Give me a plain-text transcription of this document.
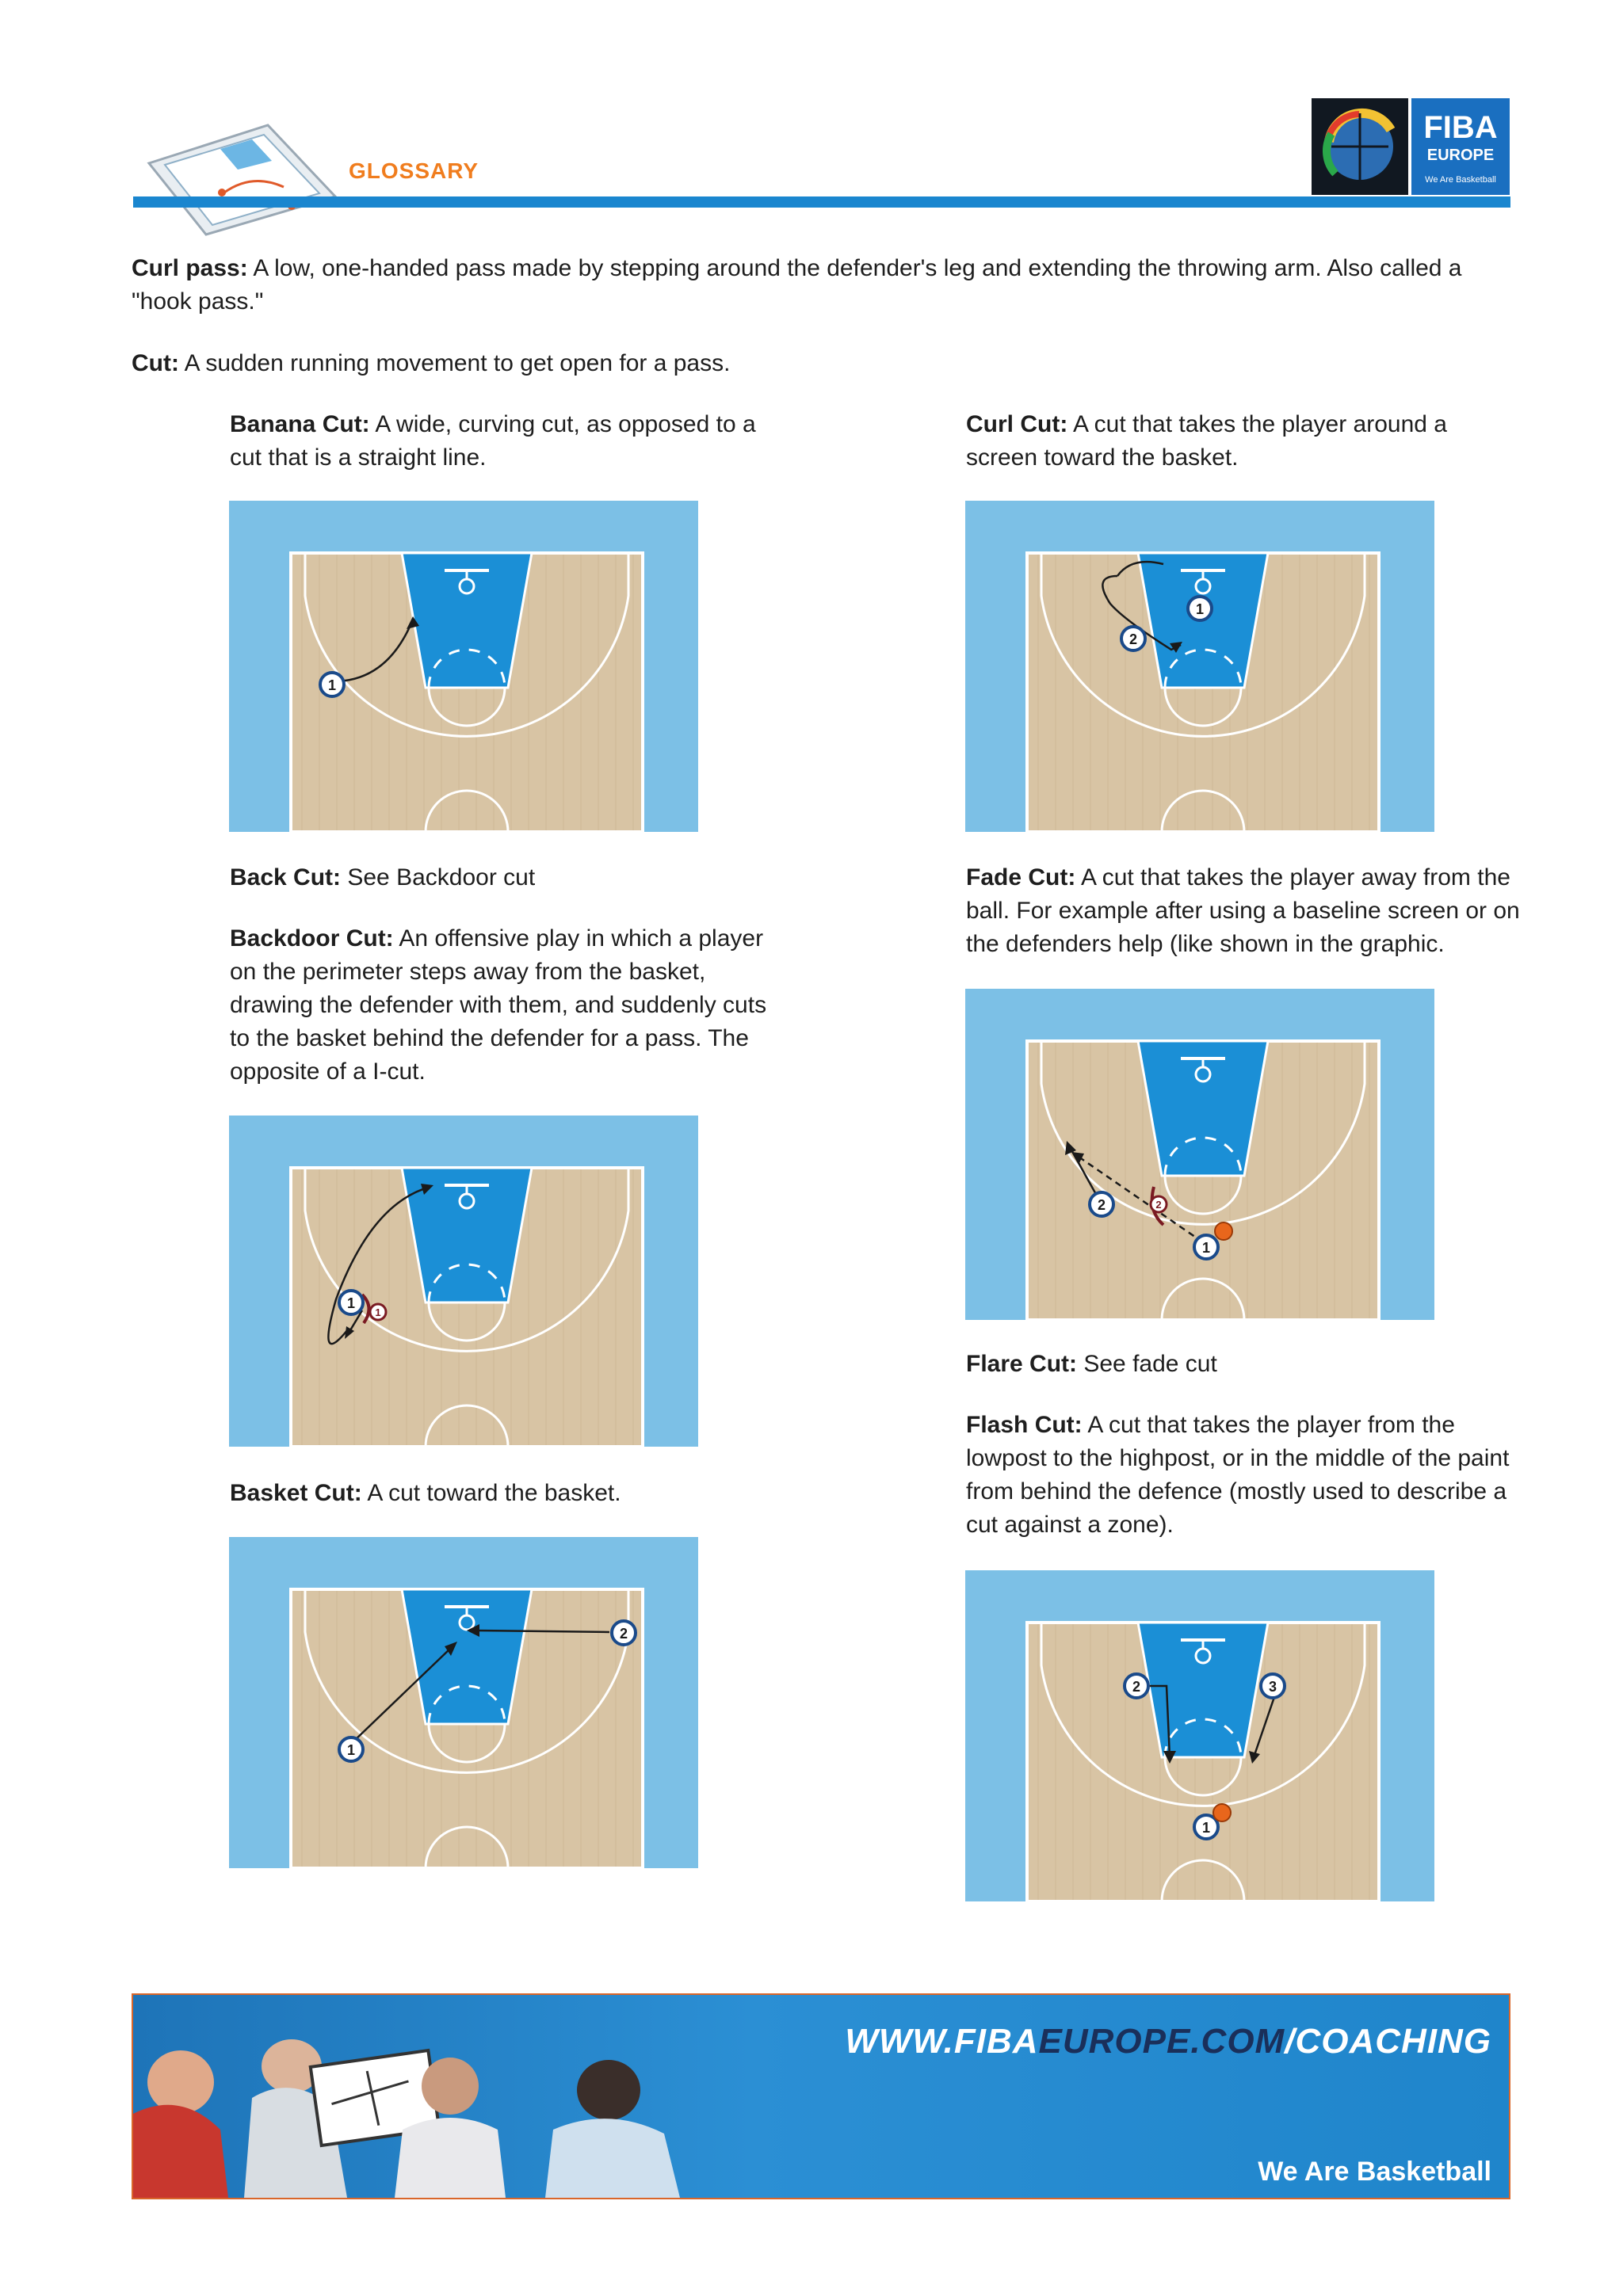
GLOSSARY
FIBA
EUROPE
We Are Basketball
Curl pass: A low, one-handed pass made by stepping around the defender's leg and extending the throwing arm. Also called a "hook pass."
Cut: A sudden running movement to get open for a pass.
Banana Cut: A wide, curving cut, as opposed to a cut that is a straight line.
Back Cut: See Backdoor cut
Backdoor Cut: An offensive play in which a player on the perimeter steps away from the basket, drawing the defender with them, and suddenly cuts to the basket behind the defender for a pass. The opposite of a I-cut.
Basket Cut: A cut toward the basket.
Curl Cut: A cut that takes the player around a screen toward the basket.
Fade Cut: A cut that takes the player away from the ball. For example after using a baseline screen or on the defenders help (like shown in the graphic.
Flare Cut: See fade cut
Flash Cut: A cut that takes the player from the lowpost to the highpost, or in the middle of the paint from behind the defence (mostly used to describe a cut against a zone).
1
1
2
1
1
2
2
1
2
1
2	3
1
WWW.FIBAEUROPE.COM/COACHING
We Are Basketball
